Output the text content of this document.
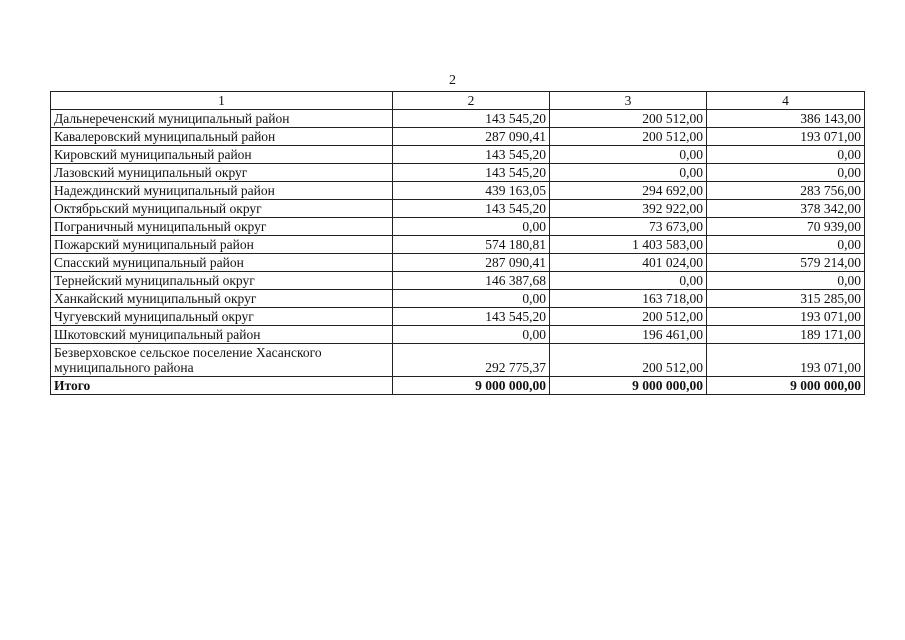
2
1	2	3	4
Дальнереченский муниципальный район	143 545,20	200 512,00	386 143,00
Кавалеровский муниципальный район	287 090,41	200 512,00	193 071,00
Кировский муниципальный район	143 545,20	0,00	0,00
Лазовский муниципальный округ	143 545,20	0,00	0,00
Надеждинский муниципальный район	439 163,05	294 692,00	283 756,00
Октябрьский муниципальный округ	143 545,20	392 922,00	378 342,00
Пограничный муниципальный округ	0,00	73 673,00	70 939,00
Пожарский муниципальный район	574 180,81	1 403 583,00	0,00
Спасский муниципальный район	287 090,41	401 024,00	579 214,00
Тернейский муниципальный округ	146 387,68	0,00	0,00
Ханкайский муниципальный округ	0,00	163 718,00	315 285,00
Чугуевский муниципальный округ	143 545,20	200 512,00	193 071,00
Шкотовский муниципальный район	0,00	196 461,00	189 171,00

Безверховское сельское поселение Хасанского
муниципального района	292 775,37	200 512,00	193 071,00
Итого	9 000 000,00	9 000 000,00	9 000 000,00
